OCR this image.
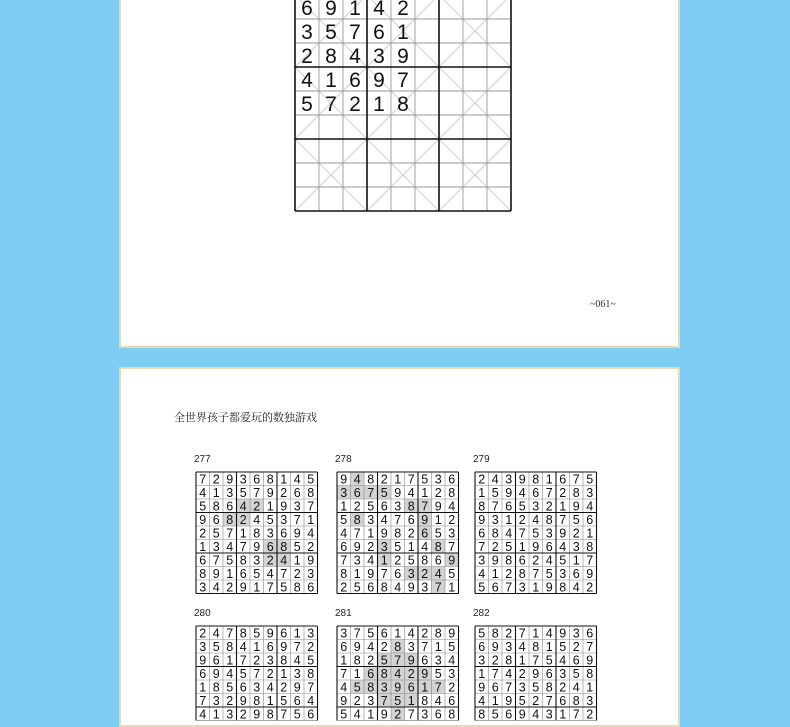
6 9 1 4 2
3 5 7 6 1
2 8 4 3 9
4 1 6 9 7
5 7 2 1 8
~061~
全世界孩子都爱玩的数独游戏
277	278	279
280	281	282
7 2 9 3 6 8 1 4 5
4 1 3 5 7 9 2 6 8
5 8 6 4 2 1 9 3 7
9 6 8 2 4 5 3 7 1
2 5 7 1 8 3 6 9 4
1 3 4 7 9 6 8 5 2
6 7 5 8 3 2 4 1 9
8 9 1 6 5 4 7 2 3
3 4 2 9 1 7 5 8 6
9 4 8 2 1 7 5 3 6
3 6 7 5 9 4 1 2 8
1 2 5 6 3 8 7 9 4
5 8 3 4 7 6 9 1 2
4 7 1 9 8 2 6 5 3
6 9 2 3 5 1 4 8 7
7 3 4 1 2 5 8 6 9
8 1 9 7 6 3 2 4 5
2 5 6 8 4 9 3 7 1
2 4 3 9 8 1 6 7 5
1 5 9 4 6 7 2 8 3
8 7 6 5 3 2 1 9 4
9 3 1 2 4 8 7 5 6
6 8 4 7 5 3 9 2 1
7 2 5 1 9 6 4 3 8
3 9 8 6 2 4 5 1 7
4 1 2 8 7 5 3 6 9
5 6 7 3 1 9 8 4 2
2 4 7 8 5 9 6 1 3
3 5 8 4 1 6 9 7 2
9 6 1 7 2 3 8 4 5
6 9 4 5 7 2 1 3 8
1 8 5 6 3 4 2 9 7
7 3 2 9 8 1 5 6 4
4 1 3 2 9 8 7 5 6
3 7 5 6 1 4 2 8 9
6 9 4 2 8 3 7 1 5
1 8 2 5 7 9 6 3 4
7 1 6 8 4 2 9 5 3
4 5 8 3 9 6 1 7 2
9 2 3 7 5 1 8 4 6
5 4 1 9 2 7 3 6 8
5 8 2 7 1 4 9 3 6
6 9 3 4 8 1 5 2 7
3 2 8 1 7 5 4 6 9
1 7 4 2 9 6 3 5 8
9 6 7 3 5 8 2 4 1
4 1 9 5 2 7 6 8 3
8 5 6 9 4 3 1 7 2
